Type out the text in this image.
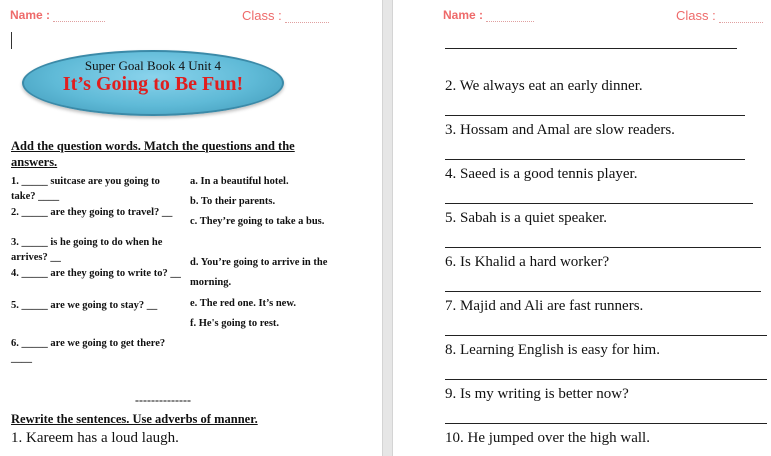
Name :	Class :
Super Goal Book 4 Unit 4
It’s Going to Be Fun!
Add the question words. Match the questions and the
answers.
1. _____ suitcase are you going to take? ____
2. _____ are they going to travel? __
3. _____ is he going to do when he arrives? __
4. _____ are they going to write to? __
5. _____ are we going to stay? __
6. _____ are we going to get there?____
a. In a beautiful hotel.
b. To their parents.
c. They’re going to take a bus.
d. You’re going to arrive in the morning.
e. The red one. It’s new.
f. He's going to rest.
--------------
Rewrite the sentences. Use adverbs of manner.
1. Kareem has a loud laugh.
Name :	Class :
2. We always eat an early dinner.
3. Hossam and Amal are slow readers.
4. Saeed is a good tennis player.
5. Sabah is a quiet speaker.
6. Is Khalid a hard worker?
7. Majid and Ali are fast runners.
8. Learning English is easy for him.
9. Is my writing is better now?
10. He jumped over the high wall.
